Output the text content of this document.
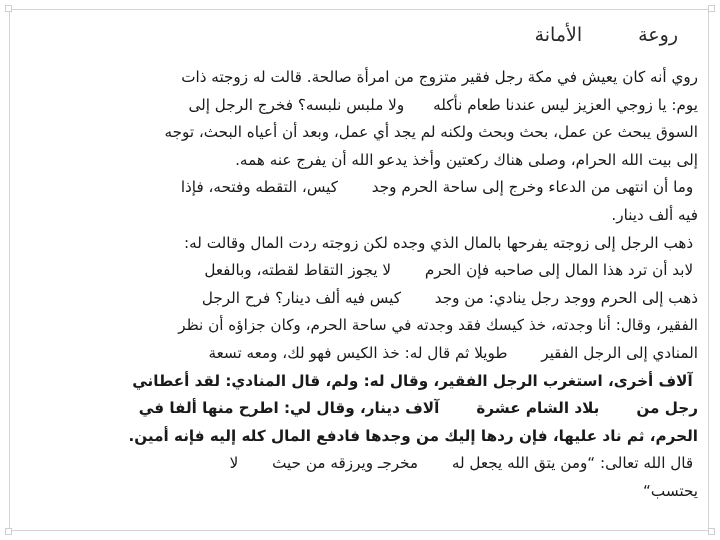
روعة
الأمانة

روي أنه كان يعيش في مكة رجل فقير متزوج من امرأة صالحة. قالت له زوجته ذات

يوم: يا زوجي العزيز ليس عندنا طعام نأكله      ولا ملبس نلبسه؟ فخرج الرجل إلى

السوق يبحث عن عمل، بحث وبحث ولكنه لم يجد أي عمل، وبعد أن أعياه البحث، توجه

إلى بيت الله الحرام، وصلى هناك ركعتين وأخذ يدعو الله أن يفرج عنه همه.

وما أن انتهى من الدعاء وخرج إلى ساحة الحرم وجد       كيس، التقطه وفتحه، فإذا

فيه ألف دينار.

ذهب الرجل إلى زوجته يفرحها بالمال الذي وجده لكن زوجته ردت المال وقالت له:

لابد أن ترد هذا المال إلى صاحبه فإن الحرم       لا يجوز التقاط لقطته، وبالفعل

ذهب إلى الحرم ووجد رجل ينادي: من وجد       كيس فيه ألف دينار؟ فرح الرجل

الفقير، وقال: أنا وجدته، خذ كيسك فقد وجدته في ساحة الحرم، وكان جزاؤه أن نظر

المنادي إلى الرجل الفقير       طويلا ثم قال له: خذ الكيس فهو لك، ومعه تسعة

آلاف أخرى، استغرب الرجل الفقير، وقال له: ولم، قال المنادي: لقد أعطاني

رجل من       بلاد الشام عشرة       آلاف دينار، وقال لي: اطرح منها ألفا في

الحرم، ثم ناد عليها، فإن ردها إليك من وجدها فادفع المال كله إليه فإنه أمين.

قال الله تعالى: “ومن يتق الله يجعل له       مخرجـ ويرزقه من حيث       لا

يحتسب“
